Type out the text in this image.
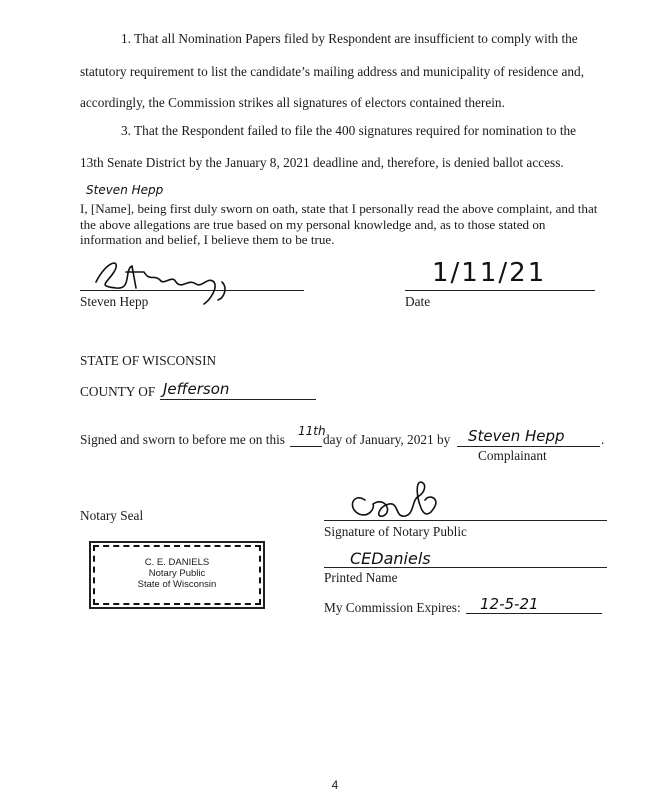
1. That all Nomination Papers filed by Respondent are insufficient to comply with the
statutory requirement to list the candidate’s mailing address and municipality of residence and,
accordingly, the Commission strikes all signatures of electors contained therein.
3. That the Respondent failed to file the 400 signatures required for nomination to the
13th Senate District by the January 8, 2021 deadline and, therefore, is denied ballot access.
Steven Hepp
I, [Name], being first duly sworn on oath, state that I personally read the above complaint, and that the above allegations are true based on my personal knowledge and, as to those stated on information and belief, I believe them to be true.
Steven Hepp
1/11/21
Date
STATE OF WISCONSIN
COUNTY OF Jefferson
Signed and sworn to before me on this
11th
day of January, 2021 by Steven Hepp	.
Complainant
Notary Seal
Signature of Notary Public
C. E. DANIELS
Notary Public
State of Wisconsin
CEDaniels
Printed Name
My Commission Expires: 12-5-21
4
